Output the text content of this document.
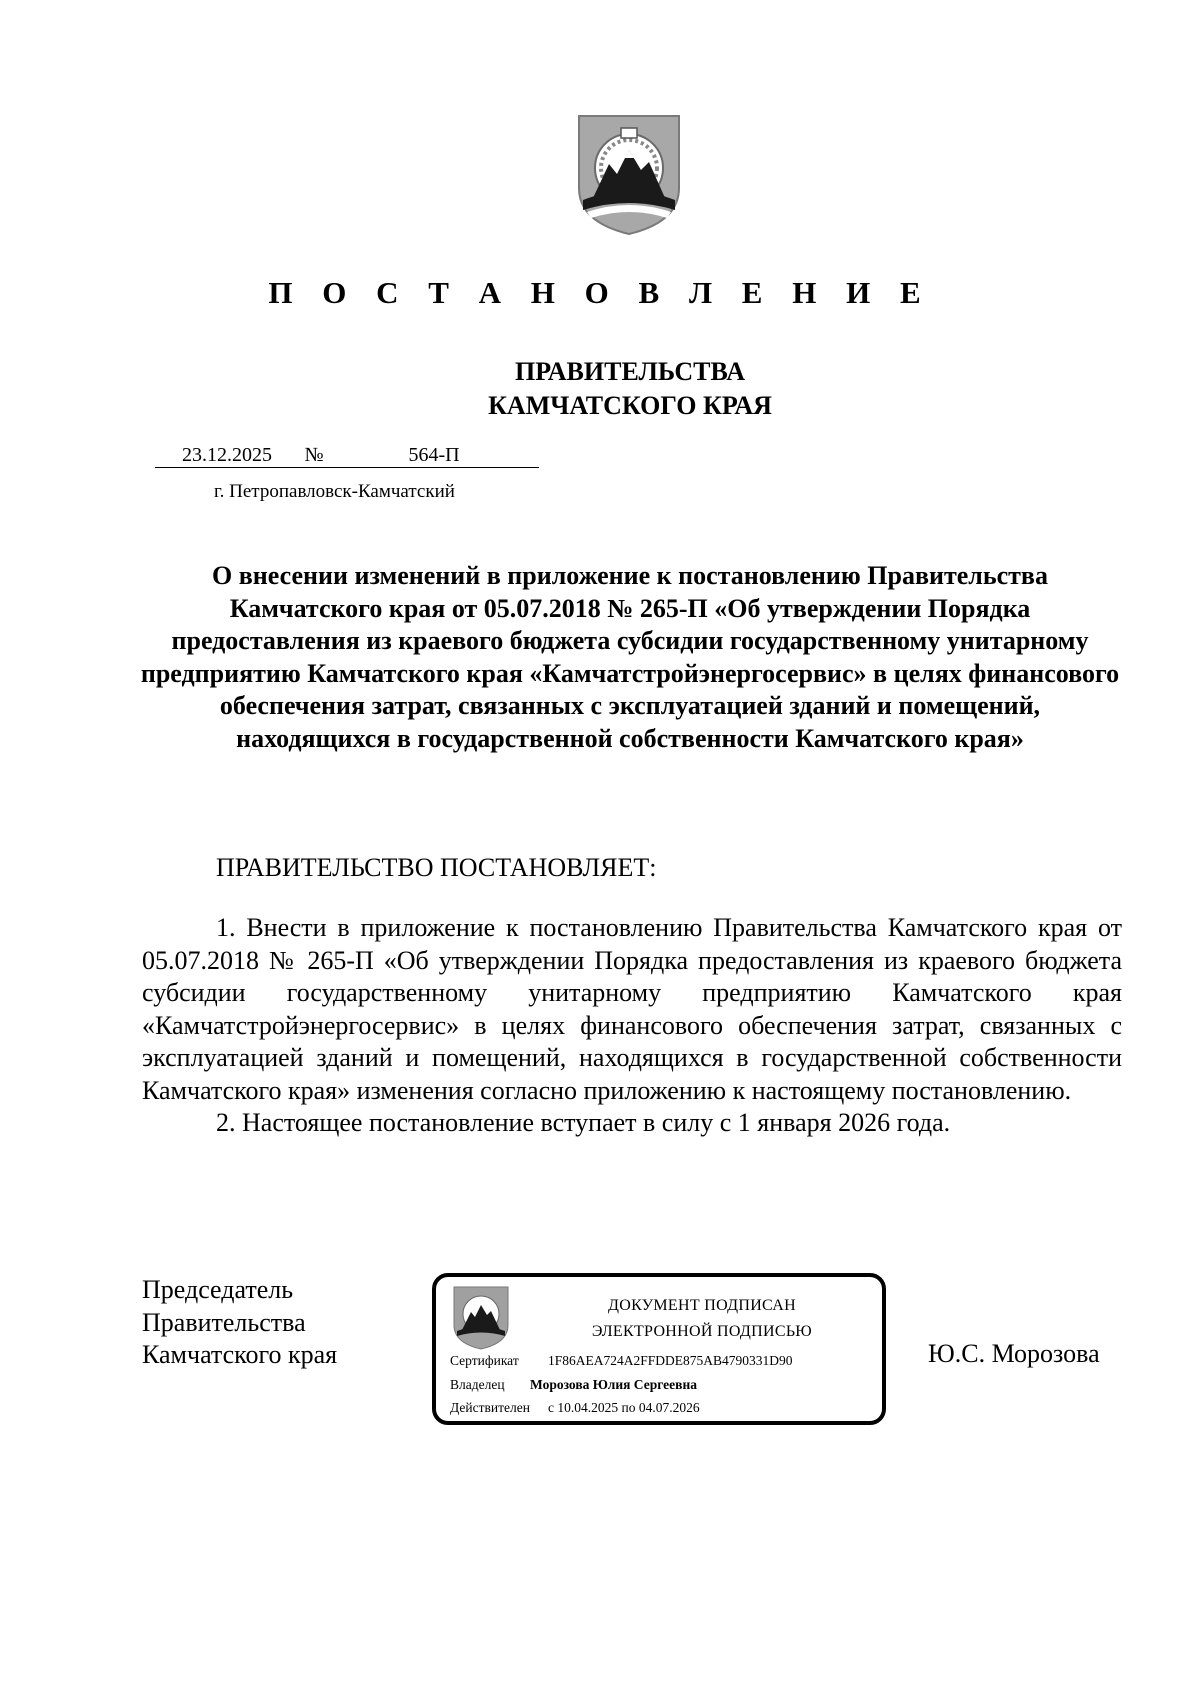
П О С Т А Н О В Л Е Н И Е
ПРАВИТЕЛЬСТВА
КАМЧАТСКОГО КРАЯ
23.12.2025 №	564-П
г. Петропавловск-Камчатский
О внесении изменений в приложение к постановлению Правительства Камчатского края от 05.07.2018 № 265-П «Об утверждении Порядка предоставления из краевого бюджета субсидии государственному унитарному предприятию Камчатского края «Камчатстройэнергосервис» в целях финансового обеспечения затрат, связанных с эксплуатацией зданий и помещений, находящихся в государственной собственности Камчатского края»
ПРАВИТЕЛЬСТВО ПОСТАНОВЛЯЕТ:

1. Внести в приложение к постановлению Правительства Камчатского края от 05.07.2018 № 265-П «Об утверждении Порядка предоставления из краевого бюджета субсидии государственному унитарному предприятию Камчатского края «Камчатстройэнергосервис» в целях финансового обеспечения затрат, связанных с эксплуатацией зданий и помещений, находящихся в государственной собственности Камчатского края» изменения согласно приложению к настоящему постановлению.

2. Настоящее постановление вступает в силу с 1 января 2026 года.

Председатель
Правительства
Камчатского края
ДОКУМЕНТ ПОДПИСАН
ЭЛЕКТРОННОЙ ПОДПИСЬЮ
Сертификат 1F86AEA724A2FFDDE875AB4790331D90
Владелец Морозова Юлия Сергеевна
Действителен с 10.04.2025 по 04.07.2026
Ю.С. Морозова
